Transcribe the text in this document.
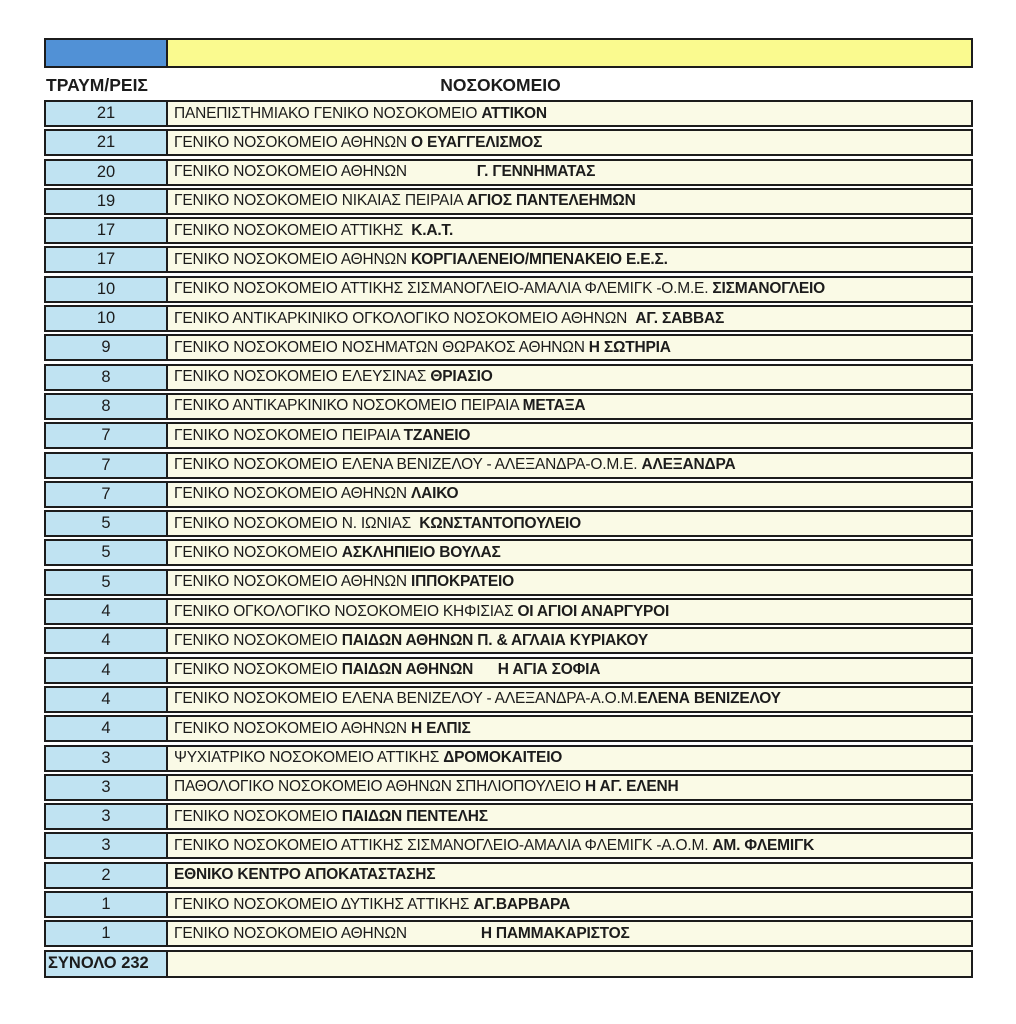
ΤΡΑΥΜ/ΡΕΙΣ	ΝΟΣΟΚΟΜΕΙΟ
21	ΠΑΝΕΠΙΣΤΗΜΙΑΚΟ ΓΕΝΙΚΟ ΝΟΣΟΚΟΜΕΙΟ ΑΤΤΙΚΟΝ
21	ΓΕΝΙΚΟ ΝΟΣΟΚΟΜΕΙΟ ΑΘΗΝΩΝ Ο ΕΥΑΓΓΕΛΙΣΜΟΣ
20	ΓΕΝΙΚΟ ΝΟΣΟΚΟΜΕΙΟ ΑΘΗΝΩΝ Γ. ΓΕΝΝΗΜΑΤΑΣ
19	ΓΕΝΙΚΟ ΝΟΣΟΚΟΜΕΙΟ ΝΙΚΑΙΑΣ ΠΕΙΡΑΙΑ ΑΓΙΟΣ ΠΑΝΤΕΛΕΗΜΩΝ
17	ΓΕΝΙΚΟ ΝΟΣΟΚΟΜΕΙΟ ΑΤΤΙΚΗΣ Κ.Α.Τ.
17	ΓΕΝΙΚΟ ΝΟΣΟΚΟΜΕΙΟ ΑΘΗΝΩΝ ΚΟΡΓΙΑΛΕΝΕΙΟ/ΜΠΕΝΑΚΕΙΟ Ε.Ε.Σ.
10	ΓΕΝΙΚΟ ΝΟΣΟΚΟΜΕΙΟ ΑΤΤΙΚΗΣ ΣΙΣΜΑΝΟΓΛΕΙΟ-ΑΜΑΛΙΑ ΦΛΕΜΙΓΚ -Ο.Μ.Ε. ΣΙΣΜΑΝΟΓΛΕΙΟ
10	ΓΕΝΙΚΟ ΑΝΤΙΚΑΡΚΙΝΙΚΟ ΟΓΚΟΛΟΓΙΚΟ ΝΟΣΟΚΟΜΕΙΟ ΑΘΗΝΩΝ ΑΓ. ΣΑΒΒΑΣ
9	ΓΕΝΙΚΟ ΝΟΣΟΚΟΜΕΙΟ ΝΟΣΗΜΑΤΩΝ ΘΩΡΑΚΟΣ ΑΘΗΝΩΝ Η ΣΩΤΗΡΙΑ
8	ΓΕΝΙΚΟ ΝΟΣΟΚΟΜΕΙΟ ΕΛΕΥΣΙΝΑΣ ΘΡΙΑΣΙΟ
8	ΓΕΝΙΚΟ ΑΝΤΙΚΑΡΚΙΝΙΚΟ ΝΟΣΟΚΟΜΕΙΟ ΠΕΙΡΑΙΑ ΜΕΤΑΞΑ
7	ΓΕΝΙΚΟ ΝΟΣΟΚΟΜΕΙΟ ΠΕΙΡΑΙΑ ΤΖΑΝΕΙΟ
7	ΓΕΝΙΚΟ ΝΟΣΟΚΟΜΕΙΟ ΕΛΕΝΑ ΒΕΝΙΖΕΛΟΥ - ΑΛΕΞΑΝΔΡΑ-Ο.Μ.Ε. ΑΛΕΞΑΝΔΡΑ
7	ΓΕΝΙΚΟ ΝΟΣΟΚΟΜΕΙΟ ΑΘΗΝΩΝ ΛΑΙΚΟ
5	ΓΕΝΙΚΟ ΝΟΣΟΚΟΜΕΙΟ Ν. ΙΩΝΙΑΣ ΚΩΝΣΤΑΝΤΟΠΟΥΛΕΙΟ
5	ΓΕΝΙΚΟ ΝΟΣΟΚΟΜΕΙΟ ΑΣΚΛΗΠΙΕΙΟ ΒΟΥΛΑΣ
5	ΓΕΝΙΚΟ ΝΟΣΟΚΟΜΕΙΟ ΑΘΗΝΩΝ ΙΠΠΟΚΡΑΤΕΙΟ
4	ΓΕΝΙΚΟ ΟΓΚΟΛΟΓΙΚΟ ΝΟΣΟΚΟΜΕΙΟ ΚΗΦΙΣΙΑΣ ΟΙ ΑΓΙΟΙ ΑΝΑΡΓΥΡΟΙ
4	ΓΕΝΙΚΟ ΝΟΣΟΚΟΜΕΙΟ ΠΑΙΔΩΝ ΑΘΗΝΩΝ Π. & ΑΓΛΑΙΑ ΚΥΡΙΑΚΟΥ
4	ΓΕΝΙΚΟ ΝΟΣΟΚΟΜΕΙΟ ΠΑΙΔΩΝ ΑΘΗΝΩΝ      Η ΑΓΙΑ ΣΟΦΙΑ
4	ΓΕΝΙΚΟ ΝΟΣΟΚΟΜΕΙΟ ΕΛΕΝΑ ΒΕΝΙΖΕΛΟΥ - ΑΛΕΞΑΝΔΡΑ-Α.Ο.Μ. ΕΛΕΝΑ ΒΕΝΙΖΕΛΟΥ
4	ΓΕΝΙΚΟ ΝΟΣΟΚΟΜΕΙΟ ΑΘΗΝΩΝ Η ΕΛΠΙΣ
3	ΨΥΧΙΑΤΡΙΚΟ ΝΟΣΟΚΟΜΕΙΟ ΑΤΤΙΚΗΣ ΔΡΟΜΟΚΑΙΤΕΙΟ
3	ΠΑΘΟΛΟΓΙΚΟ ΝΟΣΟΚΟΜΕΙΟ ΑΘΗΝΩΝ ΣΠΗΛΙΟΠΟΥΛΕΙΟ Η ΑΓ. ΕΛΕΝΗ
3	ΓΕΝΙΚΟ ΝΟΣΟΚΟΜΕΙΟ ΠΑΙΔΩΝ ΠΕΝΤΕΛΗΣ
3	ΓΕΝΙΚΟ ΝΟΣΟΚΟΜΕΙΟ ΑΤΤΙΚΗΣ ΣΙΣΜΑΝΟΓΛΕΙΟ-ΑΜΑΛΙΑ ΦΛΕΜΙΓΚ -Α.Ο.Μ. ΑΜ. ΦΛΕΜΙΓΚ
2	ΕΘΝΙΚΟ ΚΕΝΤΡΟ ΑΠΟΚΑΤΑΣΤΑΣΗΣ
1	ΓΕΝΙΚΟ ΝΟΣΟΚΟΜΕΙΟ ΔΥΤΙΚΗΣ ΑΤΤΙΚΗΣ ΑΓ.ΒΑΡΒΑΡΑ
1	ΓΕΝΙΚΟ ΝΟΣΟΚΟΜΕΙΟ ΑΘΗΝΩΝ Η ΠΑΜΜΑΚΑΡΙΣΤΟΣ
ΣΥΝΟΛΟ 232
